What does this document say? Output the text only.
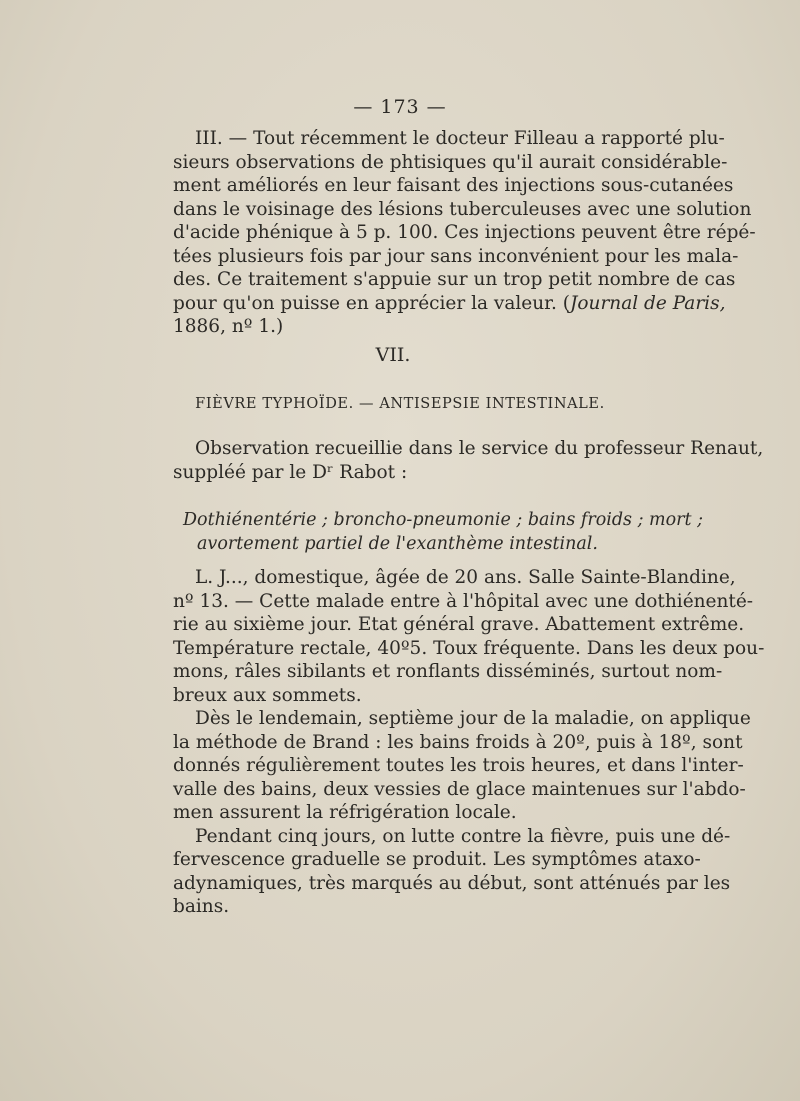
— 173 —
III. — Tout récemment le docteur Filleau a rapporté plu-
sieurs observations de phtisiques qu'il aurait considérable-
ment améliorés en leur faisant des injections sous-cutanées
dans le voisinage des lésions tuberculeuses avec une solution
d'acide phénique à 5 p. 100. Ces injections peuvent être répé-
tées plusieurs fois par jour sans inconvénient pour les mala-
des. Ce traitement s'appuie sur un trop petit nombre de cas
pour qu'on puisse en apprécier la valeur. (Journal de Paris,
1886, nº 1.)
VII.
FIÈVRE TYPHOÏDE. — ANTISEPSIE INTESTINALE.
Observation recueillie dans le service du professeur Renaut,
suppléé par le Dʳ Rabot :
Dothiénentérie ; broncho-pneumonie ; bains froids ; mort ;
avortement partiel de l'exanthème intestinal.
L. J..., domestique, âgée de 20 ans. Salle Sainte-Blandine,
nº 13. — Cette malade entre à l'hôpital avec une dothiénenté-
rie au sixième jour. Etat général grave. Abattement extrême.
Température rectale, 40º5. Toux fréquente. Dans les deux pou-
mons, râles sibilants et ronflants disséminés, surtout nom-
breux aux sommets.
Dès le lendemain, septième jour de la maladie, on applique
la méthode de Brand : les bains froids à 20º, puis à 18º, sont
donnés régulièrement toutes les trois heures, et dans l'inter-
valle des bains, deux vessies de glace maintenues sur l'abdo-
men assurent la réfrigération locale.
Pendant cinq jours, on lutte contre la fièvre, puis une dé-
fervescence graduelle se produit. Les symptômes ataxo-
adynamiques, très marqués au début, sont atténués par les
bains.
